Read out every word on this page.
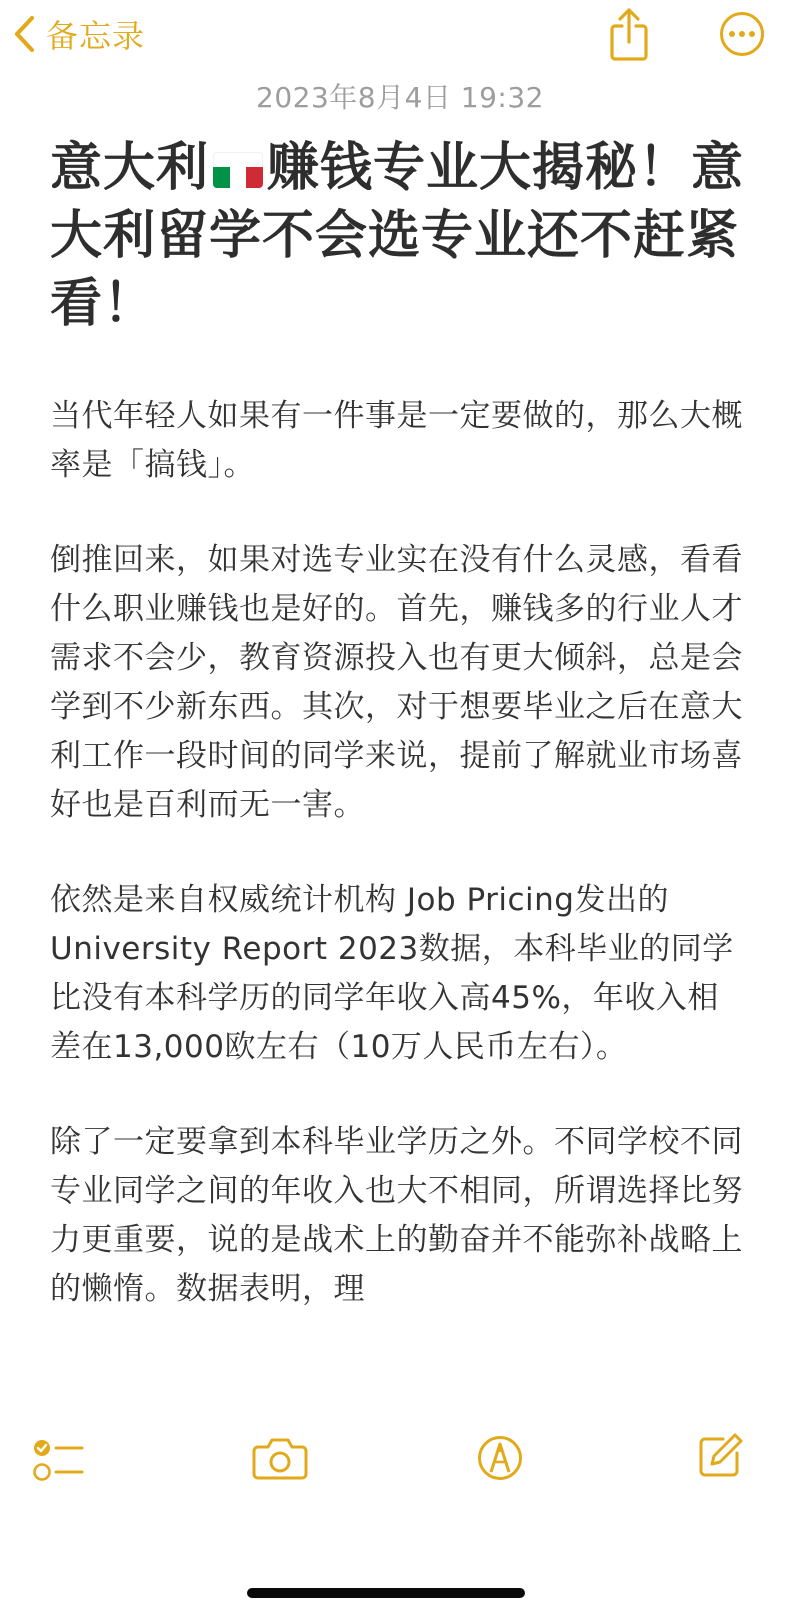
备忘录
2023年8月4日 19:32
意大利 赚钱专业大揭秘！意大利留学不会选专业还不赶紧看！

当代年轻人如果有一件事是一定要做的，那么大概率是「搞钱」。

倒推回来，如果对选专业实在没有什么灵感，看看什么职业赚钱也是好的。首先，赚钱多的行业人才需求不会少，教育资源投入也有更大倾斜，总是会学到不少新东西。其次，对于想要毕业之后在意大利工作一段时间的同学来说，提前了解就业市场喜好也是百利而无一害。

依然是来自权威统计机构 Job Pricing发出的University Report 2023数据，本科毕业的同学比没有本科学历的同学年收入高45%，年收入相差在13,000欧左右（10万人民币左右）。

除了一定要拿到本科毕业学历之外。不同学校不同专业同学之间的年收入也大不相同，所谓选择比努力更重要，说的是战术上的勤奋并不能弥补战略上的懒惰。数据表明，理
